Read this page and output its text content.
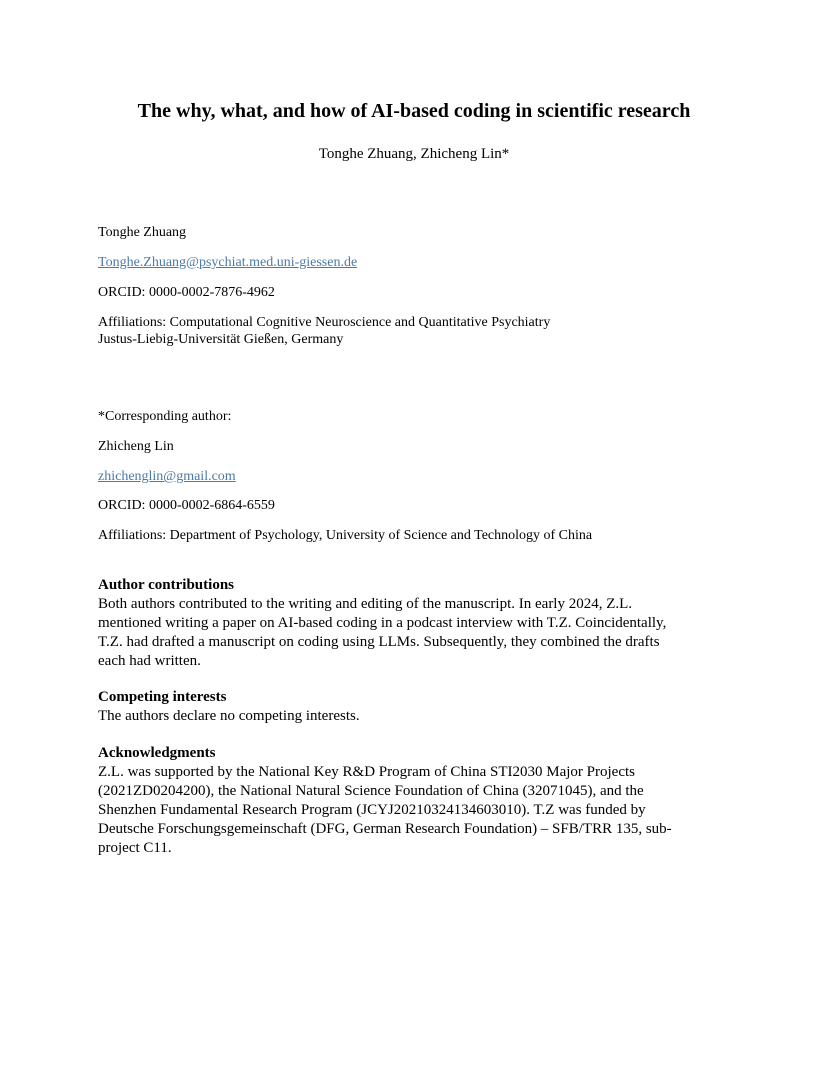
The why, what, and how of AI-based coding in scientific research
Tonghe Zhuang, Zhicheng Lin*
Tonghe Zhuang
Tonghe.Zhuang@psychiat.med.uni-giessen.de
ORCID: 0000-0002-7876-4962
Affiliations: Computational Cognitive Neuroscience and Quantitative Psychiatry
Justus-Liebig-Universität Gießen, Germany
*Corresponding author:
Zhicheng Lin
zhichenglin@gmail.com
ORCID: 0000-0002-6864-6559
Affiliations: Department of Psychology, University of Science and Technology of China
Author contributions
Both authors contributed to the writing and editing of the manuscript. In early 2024, Z.L.
mentioned writing a paper on AI-based coding in a podcast interview with T.Z. Coincidentally,
T.Z. had drafted a manuscript on coding using LLMs. Subsequently, they combined the drafts
each had written.
Competing interests
The authors declare no competing interests.
Acknowledgments
Z.L. was supported by the National Key R&D Program of China STI2030 Major Projects
(2021ZD0204200), the National Natural Science Foundation of China (32071045), and the
Shenzhen Fundamental Research Program (JCYJ20210324134603010). T.Z was funded by
Deutsche Forschungsgemeinschaft (DFG, German Research Foundation) – SFB/TRR 135, sub-
project C11.
